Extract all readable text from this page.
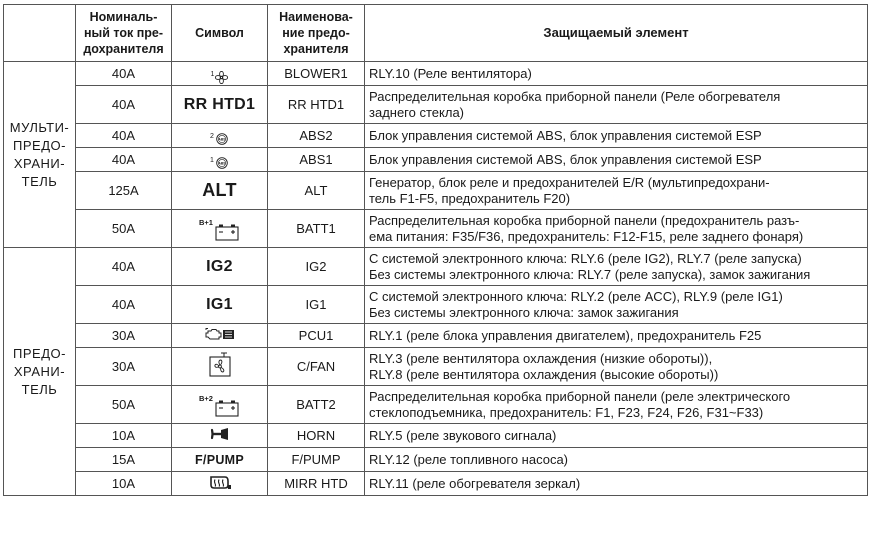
	Номиналь-
ный ток пре-
дохранителя	Символ	Наименова-
ние предо-
хранителя	Защищаемый элемент

МУЛЬТИ-
ПРЕДО-
ХРАНИ-
ТЕЛЬ	40A	1	BLOWER1	RLY.10 (Реле вентилятора)
	40A	RR HTD1	RR HTD1	Распределительная коробка приборной панели (Реле обогревателя
заднего стекла)

	40A	2 ABS	ABS2	Блок управления системой ABS, блок управления системой ESP
	40A	1 ABS	ABS1	Блок управления системой ABS, блок управления системой ESP
	125A	ALT	ALT	Генератор, блок реле и предохранителей E/R (мультипредохрани-
тель F1-F5, предохранитель F20)

	50A	B+1	BATT1	Распределительная коробка приборной панели (предохранитель разъ-
ема питания: F35/F36, предохранитель: F12-F15, реле заднего фонаря)

ПРЕДО-
ХРАНИ-
ТЕЛЬ	40A	IG2	IG2	С системой электронного ключа: RLY.6 (реле IG2), RLY.7 (реле запуска)
Без системы электронного ключа: RLY.7 (реле запуска), замок зажигания

	40A	IG1	IG1	С системой электронного ключа: RLY.2 (реле ACC), RLY.9 (реле IG1)
Без системы электронного ключа: замок зажигания

	30A		PCU1	RLY.1 (реле блока управления двигателем), предохранитель F25
	30A		C/FAN	RLY.3 (реле вентилятора охлаждения (низкие обороты)),
RLY.8 (реле вентилятора охлаждения (высокие обороты))

	50A	B+2	BATT2	Распределительная коробка приборной панели (реле электрического
стеклоподъемника, предохранитель: F1, F23, F24, F26, F31~F33)

	10A		HORN	RLY.5 (реле звукового сигнала)
	15A	F/PUMP	F/PUMP	RLY.12 (реле топливного насоса)
	10A		MIRR HTD	RLY.11 (реле обогревателя зеркал)
